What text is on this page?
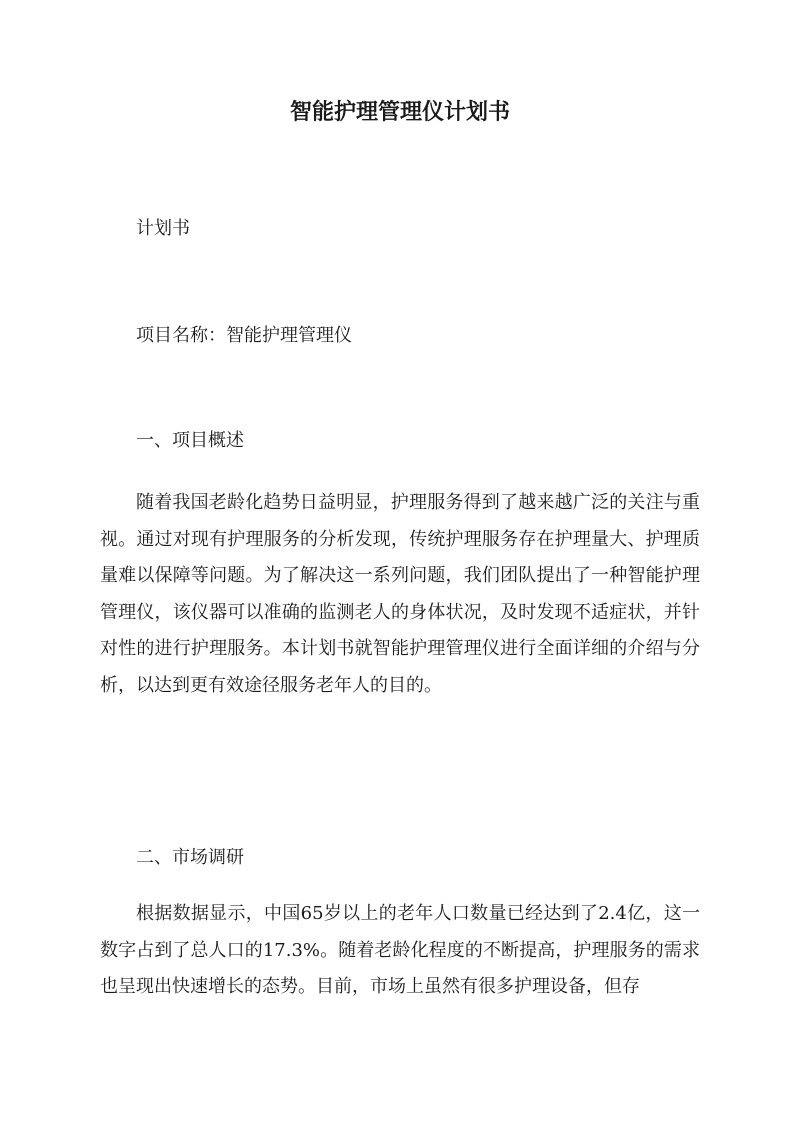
智能护理管理仪计划书
计划书
项目名称：智能护理管理仪
一、项目概述

随着我国老龄化趋势日益明显，护理服务得到了越来越广泛的关注与重视。通过对现有护理服务的分析发现，传统护理服务存在护理量大、护理质量难以保障等问题。为了解决这一系列问题，我们团队提出了一种智能护理管理仪，该仪器可以准确的监测老人的身体状况，及时发现不适症状，并针对性的进行护理服务。本计划书就智能护理管理仪进行全面详细的介绍与分析，以达到更有效途径服务老年人的目的。

二、市场调研

根据数据显示，中国65岁以上的老年人口数量已经达到了2.4亿，这一数字占到了总人口的17.3%。随着老龄化程度的不断提高，护理服务的需求也呈现出快速增长的态势。目前，市场上虽然有很多护理设备，但存
